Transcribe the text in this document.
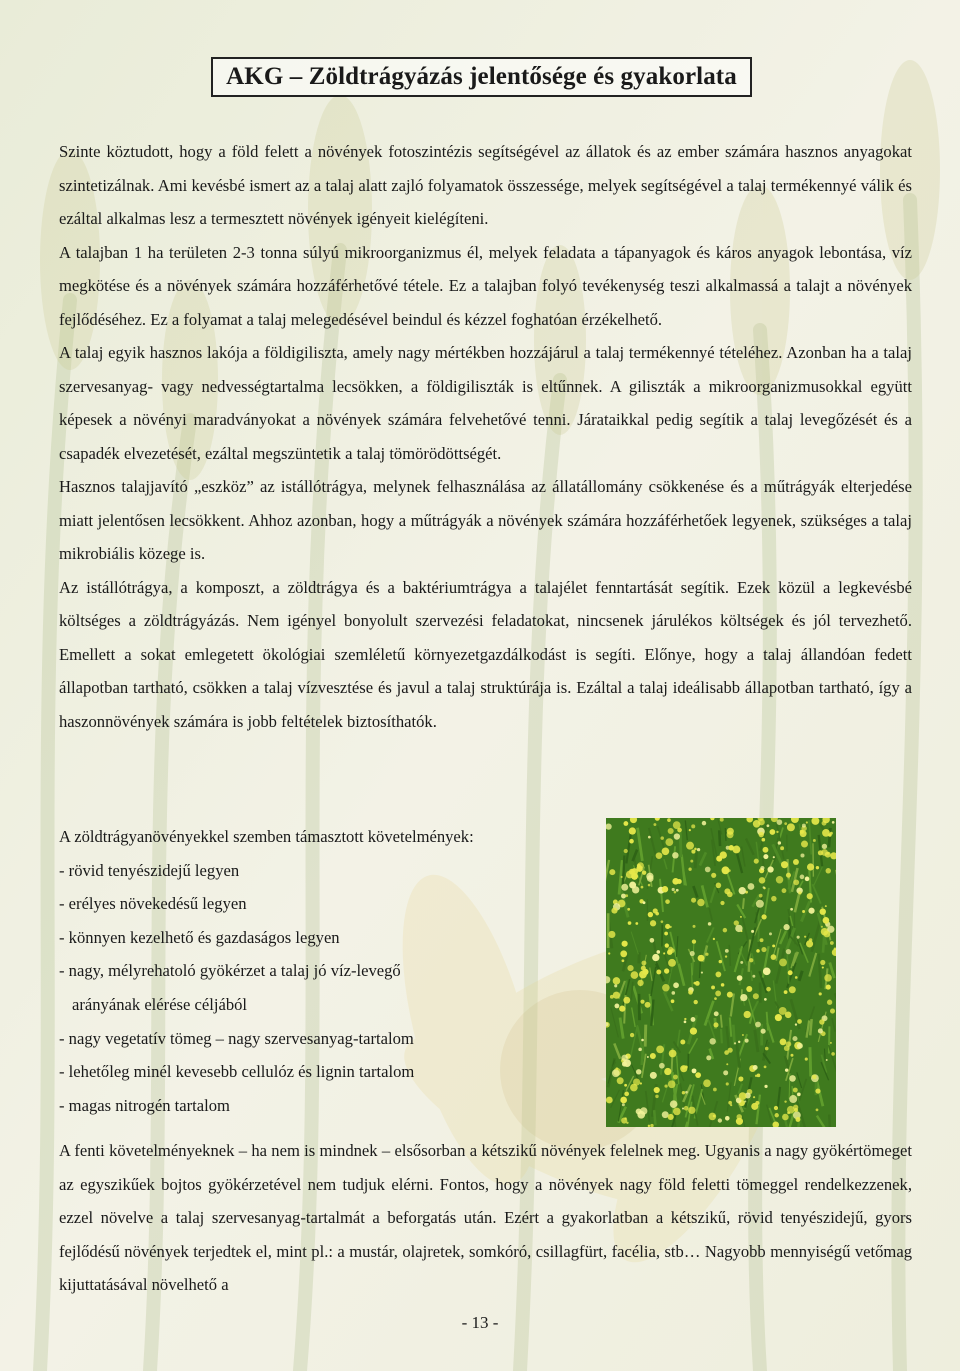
AKG – Zöldtrágyázás jelentősége és gyakorlata

Szinte köztudott, hogy a föld felett a növények fotoszintézis segítségével az állatok és az ember számára hasznos anyagokat szintetizálnak. Ami kevésbé ismert az a talaj alatt zajló folyamatok összessége, melyek segítségével a talaj termékennyé válik és ezáltal alkalmas lesz a termesztett növények igényeit kielégíteni.

A talajban 1 ha területen 2-3 tonna súlyú mikroorganizmus él, melyek feladata a tápanyagok és káros anyagok lebontása, víz megkötése és a növények számára hozzáférhetővé tétele. Ez a talajban folyó tevékenység teszi alkalmassá a talajt a növények fejlődéséhez. Ez a folyamat a talaj melegedésével beindul és kézzel foghatóan érzékelhető.

A talaj egyik hasznos lakója a földigiliszta, amely nagy mértékben hozzájárul a talaj termékennyé tételéhez. Azonban ha a talaj szervesanyag- vagy nedvességtartalma lecsökken, a földigiliszták is eltűnnek. A giliszták a mikroorganizmusokkal együtt képesek a növényi maradványokat a növények számára felvehetővé tenni. Járataikkal pedig segítik a talaj levegőzését és a csapadék elvezetését, ezáltal megszüntetik a talaj tömörödöttségét.

Hasznos talajjavító „eszköz” az istállótrágya, melynek felhasználása az állatállomány csökkenése és a műtrágyák elterjedése miatt jelentősen lecsökkent. Ahhoz azonban, hogy a műtrágyák a növények számára hozzáférhetőek legyenek, szükséges a talaj mikrobiális közege is.

Az istállótrágya, a komposzt, a zöldtrágya és a baktériumtrágya a talajélet fenntartását segítik. Ezek közül a legkevésbé költséges a zöldtrágyázás. Nem igényel bonyolult szervezési feladatokat, nincsenek járulékos költségek és jól tervezhető. Emellett a sokat emlegetett ökológiai szemléletű környezetgazdálkodást is segíti. Előnye, hogy a talaj állandóan fedett állapotban tartható, csökken a talaj vízvesztése és javul a talaj struktúrája is. Ezáltal a talaj ideálisabb állapotban tartható, így a haszonnövények számára is jobb feltételek biztosíthatók.

A zöldtrágyanövényekkel szemben támasztott követelmények:

- rövid tenyészidejű legyen

- erélyes növekedésű legyen

- könnyen kezelhető és gazdaságos legyen

- nagy, mélyrehatoló gyökérzet a talaj jó víz-levegő

arányának elérése céljából

- nagy vegetatív tömeg – nagy szervesanyag-tartalom

- lehetőleg minél kevesebb cellulóz és lignin tartalom

- magas nitrogén tartalom

A fenti követelményeknek – ha nem is mindnek – elsősorban a kétszikű növények felelnek meg. Ugyanis a nagy gyökértömeget az egyszikűek bojtos gyökérzetével nem tudjuk elérni. Fontos, hogy a növények nagy föld feletti tömeggel rendelkezzenek, ezzel növelve a talaj szervesanyag-tartalmát a beforgatás után. Ezért a gyakorlatban a kétszikű, rövid tenyészidejű, gyors fejlődésű növények terjedtek el, mint pl.: a mustár, olajretek, somkóró, csillagfürt, facélia, stb… Nagyobb mennyiségű vetőmag kijuttatásával növelhető a

- 13 -
